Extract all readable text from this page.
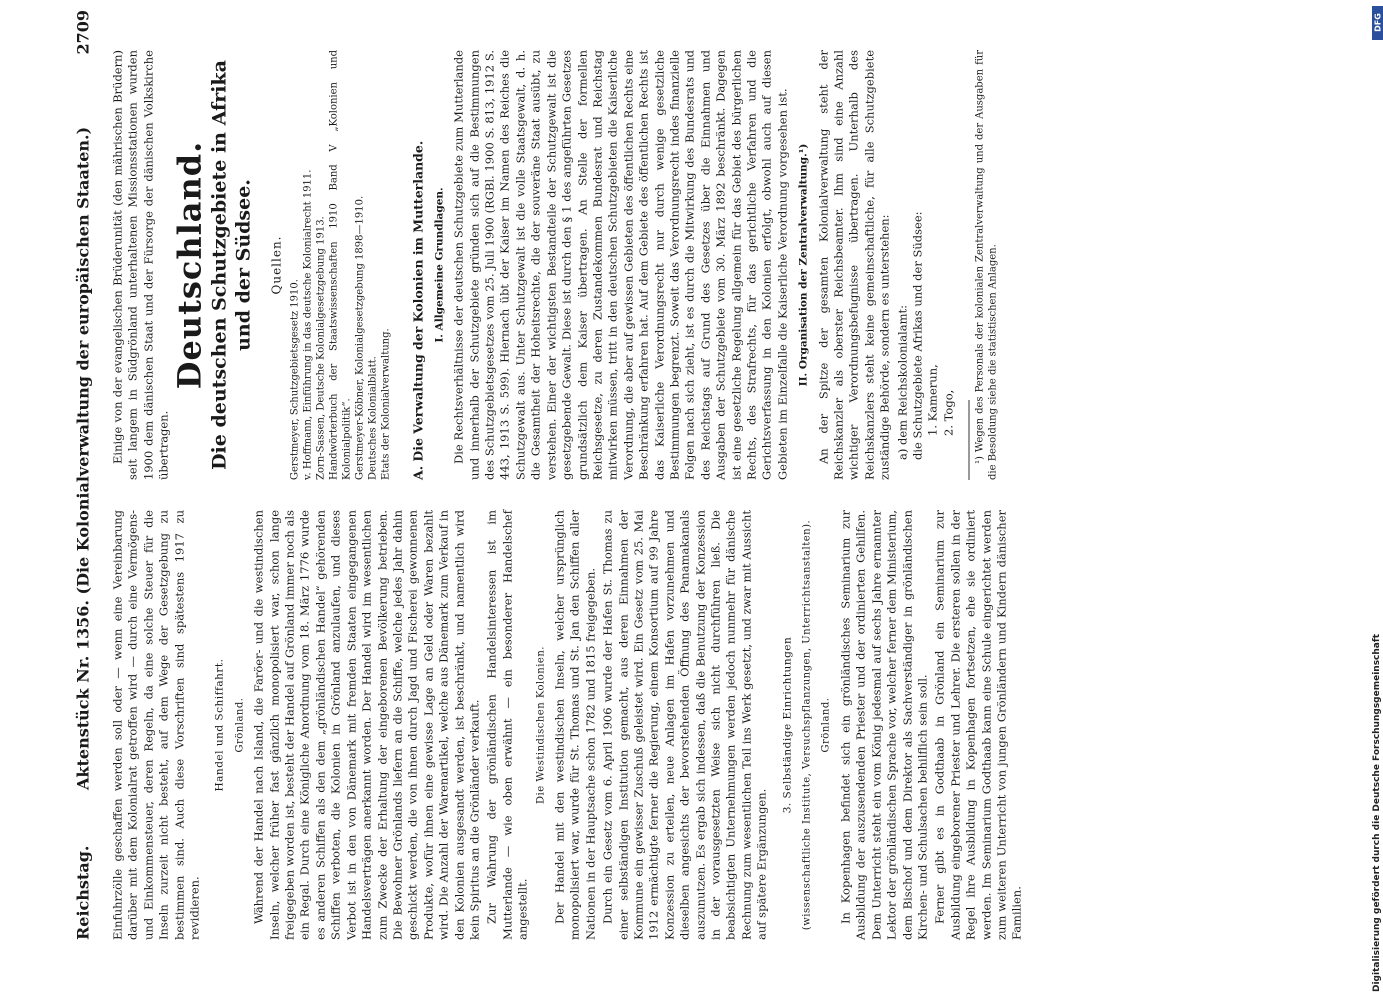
Reichstag.
Aktenstück Nr. 1356. (Die Kolonialverwaltung der europäischen Staaten.)
2709

Einfuhrzölle geschaffen werden soll oder — wenn eine Vereinbarung darüber mit dem Kolonialrat getroffen wird — durch eine Vermögens- und Einkommensteuer, deren Regeln, da eine solche Steuer für die Inseln zurzeit nicht besteht, auf dem Wege der Gesetzgebung zu bestimmen sind. Auch diese Vorschriften sind spätestens 1917 zu revidieren.

Handel und Schiffahrt. Grönland. Während der Handel nach Island, die Faröer- und die westindischen Inseln, welcher früher fast gänzlich monopolisiert war, schon lange freigegeben worden ist, besteht der Handel auf Grönland immer noch als ein Regal. Durch eine Königliche Anordnung vom 18. März 1776 wurde es anderen Schiffen als den dem „grönländischen Handel“ gehörenden Schiffen verboten, die Kolonien in Grönland anzulaufen, und dieses Verbot ist in den von Dänemark mit fremden Staaten eingegangenen Handelsverträgen anerkannt worden. Der Handel wird im wesentlichen zum Zwecke der Erhaltung der eingeborenen Bevölkerung betrieben. Die Bewohner Grönlands liefern an die Schiffe, welche jedes Jahr dahin geschickt werden, die von ihnen durch Jagd und Fischerei gewonnenen Produkte, wofür ihnen eine gewisse Lage an Geld oder Waren bezahlt wird. Die Anzahl der Warenartikel, welche aus Dänemark zum Verkauf in den Kolonien ausgesandt werden, ist beschränkt, und namentlich wird kein Spiritus an die Grönländer verkauft. Zur Wahrung der grönländischen Handelsinteressen ist im Mutterlande — wie oben erwähnt — ein besonderer Handelschef angestellt.

Die Westindischen Kolonien. Der Handel mit den westindischen Inseln, welcher ursprünglich monopolisiert war, wurde für St. Thomas und St. Jan den Schiffen aller Nationen in der Hauptsache schon 1782 und 1815 freigegeben. Durch ein Gesetz vom 6. April 1906 wurde der Hafen St. Thomas zu einer selbständigen Institution gemacht, aus deren Einnahmen der Kommune ein gewisser Zuschuß geleistet wird. Ein Gesetz vom 25. Mai 1912 ermächtigte ferner die Regierung, einem Konsortium auf 99 Jahre Konzession zu erteilen, neue Anlagen im Hafen vorzunehmen und dieselben angesichts der bevorstehenden Öffnung des Panamakanals auszunutzen. Es ergab sich indessen, daß die Benutzung der Konzession in der vorausgesetzten Weise sich nicht durchführen ließ. Die beabsichtigten Unternehmungen werden jedoch nunmehr für dänische Rechnung zum wesentlichen Teil ins Werk gesetzt, und zwar mit Aussicht auf spätere Ergänzungen.

3. Selbständige Einrichtungen (wissenschaftliche Institute, Versuchspflanzungen, Unterrichtsanstalten). Grönland. In Kopenhagen befindet sich ein grönländisches Seminarium zur Ausbildung der auszusendenden Priester und der ordinierten Gehilfen. Dem Unterricht steht ein vom König jedesmal auf sechs Jahre ernannter Lektor der grönländischen Sprache vor, welcher ferner dem Ministerium, dem Bischof und dem Direktor als Sachverständiger in grönländischen Kirchen- und Schulsachen behilflich sein soll. Ferner gibt es in Godthaab in Grönland ein Seminarium zur Ausbildung eingeborener Priester und Lehrer. Die ersteren sollen in der Regel ihre Ausbildung in Kopenhagen fortsetzen, ehe sie ordiniert werden. Im Seminarium Godthaab kann eine Schule eingerichtet werden zum weiteren Unterricht von jungen Grönländern und Kindern dänischer Familien.

Einige von der evangelischen Brüderunität (den mährischen Brüdern) seit langem in Südgrönland unterhaltenen Missionsstationen wurden 1900 dem dänischen Staat und der Fürsorge der dänischen Volkskirche übertragen.

Deutschland. Die deutschen Schutzgebiete in Afrika und der Südsee. Quellen.

Gerstmeyer, Schutzgebietsgesetz 1910. v. Hoffmann, Einführung in das deutsche Kolonialrecht 1911. Zorn-Sassen, Deutsche Kolonialgesetzgebung 1913. Handwörterbuch der Staatswissenschaften 1910 Band V „Kolonien und Kolonialpolitik“. Gerstmeyer-Köbner, Kolonialgesetzgebung 1898—1910. Deutsches Kolonialblatt. Etats der Kolonialverwaltung. A. Die Verwaltung der Kolonien im Mutterlande. I. Allgemeine Grundlagen. Die Rechtsverhältnisse der deutschen Schutzgebiete zum Mutterlande und innerhalb der Schutzgebiete gründen sich auf die Bestimmungen des Schutzgebietsgesetzes vom 25. Juli 1900 (RGBl. 1900 S. 813, 1912 S. 443, 1913 S. 599). Hiernach übt der Kaiser im Namen des Reiches die Schutzgewalt aus. Unter Schutzgewalt ist die volle Staatsgewalt, d. h. die Gesamtheit der Hoheitsrechte, die der souveräne Staat ausübt, zu verstehen. Einer der wichtigsten Bestandteile der Schutzgewalt ist die gesetzgebende Gewalt. Diese ist durch den § 1 des angeführten Gesetzes grundsätzlich dem Kaiser übertragen. An Stelle der formellen Reichsgesetze, zu deren Zustandekommen Bundesrat und Reichstag mitwirken müssen, tritt in den deutschen Schutzgebieten die Kaiserliche Verordnung, die aber auf gewissen Gebieten des öffentlichen Rechts eine Beschränkung erfahren hat. Auf dem Gebiete des öffentlichen Rechts ist das Kaiserliche Verordnungsrecht nur durch wenige gesetzliche Bestimmungen begrenzt. Soweit das Verordnungsrecht indes finanzielle Folgen nach sich zieht, ist es durch die Mitwirkung des Bundesrats und des Reichstags auf Grund des Gesetzes über die Einnahmen und Ausgaben der Schutzgebiete vom 30. März 1892 beschränkt. Dagegen ist eine gesetzliche Regelung allgemein für das Gebiet des bürgerlichen Rechts, des Strafrechts, für das gerichtliche Verfahren und die Gerichtsverfassung in den Kolonien erfolgt, obwohl auch auf diesen Gebieten im Einzelfalle die Kaiserliche Verordnung vorgesehen ist. II. Organisation der Zentralverwaltung.¹) An der Spitze der gesamten Kolonialverwaltung steht der Reichskanzler als oberster Reichsbeamter. Ihm sind eine Anzahl wichtiger Verordnungsbefugnisse übertragen. Unterhalb des Reichskanzlers steht keine gemeinschaftliche, für alle Schutzgebiete zuständige Behörde, sondern es unterstehen: a) dem Reichskolonialamt: die Schutzgebiete Afrikas und der Südsee: 1. Kamerun, 2. Togo, ¹) Wegen des Personals der kolonialen Zentralverwaltung und der Ausgaben für die Besoldung siehe die statistischen Anlagen.

DFG
Digitalisierung gefördert durch die Deutsche Forschungsgemeinschaft
